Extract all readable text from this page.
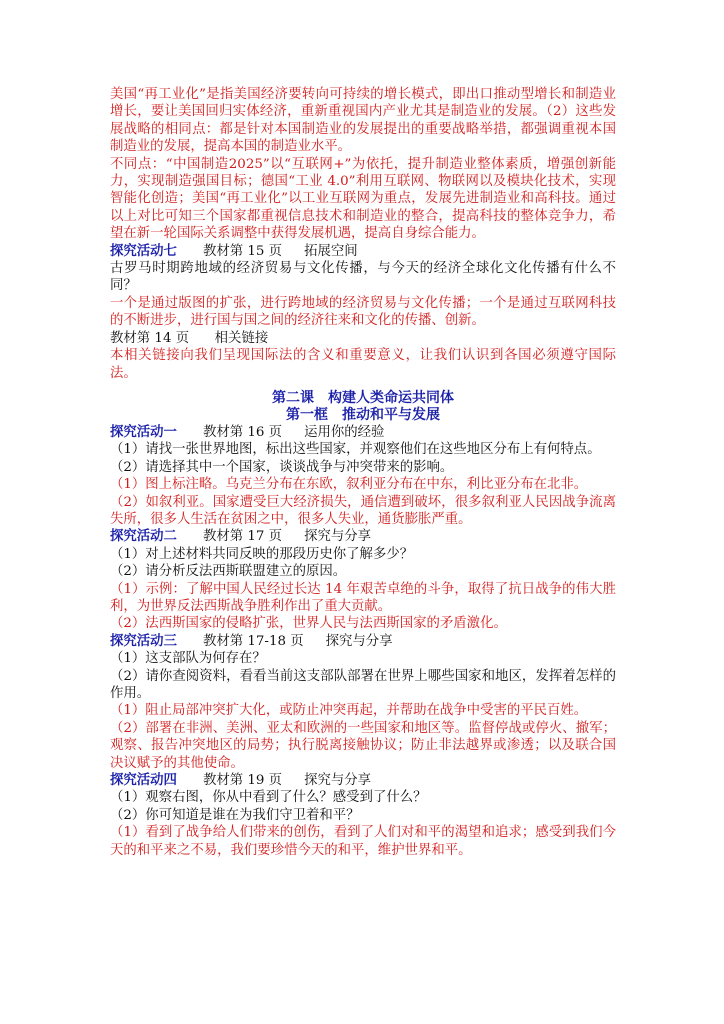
美国“再工业化”是指美国经济要转向可持续的增长模式，即出口推动型增长和制造业增长，要让美国回归实体经济，重新重视国内产业尤其是制造业的发展。（2）这些发展战略的相同点：都是针对本国制造业的发展提出的重要战略举措，都强调重视本国制造业的发展，提高本国的制造业水平。

不同点：“中国制造2025”以“互联网+”为依托，提升制造业整体素质，增强创新能力，实现制造强国目标；德国“工业 4.0”利用互联网、物联网以及模块化技术，实现智能化创造；美国“再工业化”以工业互联网为重点，发展先进制造业和高科技。通过以上对比可知三个国家都重视信息技术和制造业的整合，提高科技的整体竞争力，希望在新一轮国际关系调整中获得发展机遇，提高自身综合能力。

探究活动七 教材第 15 页 拓展空间

古罗马时期跨地域的经济贸易与文化传播，与今天的经济全球化文化传播有什么不同？

一个是通过版图的扩张，进行跨地域的经济贸易与文化传播；一个是通过互联网科技的不断进步，进行国与国之间的经济往来和文化的传播、创新。

教材第 14 页      相关链接

本相关链接向我们呈现国际法的含义和重要意义，让我们认识到各国必须遵守国际法。

第二课　构建人类命运共同体

第一框　推动和平与发展

探究活动一 教材第 16 页 运用你的经验

（1）请找一张世界地图，标出这些国家，并观察他们在这些地区分布上有何特点。

（2）请选择其中一个国家，谈谈战争与冲突带来的影响。

（1）图上标注略。乌克兰分布在东欧，叙利亚分布在中东，利比亚分布在北非。

（2）如叙利亚。国家遭受巨大经济损失，通信遭到破坏，很多叙利亚人民因战争流离失所，很多人生活在贫困之中，很多人失业，通货膨胀严重。

探究活动二 教材第 17 页 探究与分享

（1）对上述材料共同反映的那段历史你了解多少？

（2）请分析反法西斯联盟建立的原因。

（1）示例：了解中国人民经过长达 14 年艰苦卓绝的斗争，取得了抗日战争的伟大胜利，为世界反法西斯战争胜利作出了重大贡献。

（2）法西斯国家的侵略扩张，世界人民与法西斯国家的矛盾激化。

探究活动三 教材第 17-18 页 探究与分享

（1）这支部队为何存在？

（2）请你查阅资料，看看当前这支部队部署在世界上哪些国家和地区，发挥着怎样的作用。

（1）阻止局部冲突扩大化，或防止冲突再起，并帮助在战争中受害的平民百姓。

（2）部署在非洲、美洲、亚太和欧洲的一些国家和地区等。监督停战或停火、撤军；观察、报告冲突地区的局势；执行脱离接触协议；防止非法越界或渗透；以及联合国决议赋予的其他使命。

探究活动四 教材第 19 页 探究与分享

（1）观察右图，你从中看到了什么？感受到了什么？

（2）你可知道是谁在为我们守卫着和平？

（1）看到了战争给人们带来的创伤，看到了人们对和平的渴望和追求；感受到我们今天的和平来之不易，我们要珍惜今天的和平，维护世界和平。
